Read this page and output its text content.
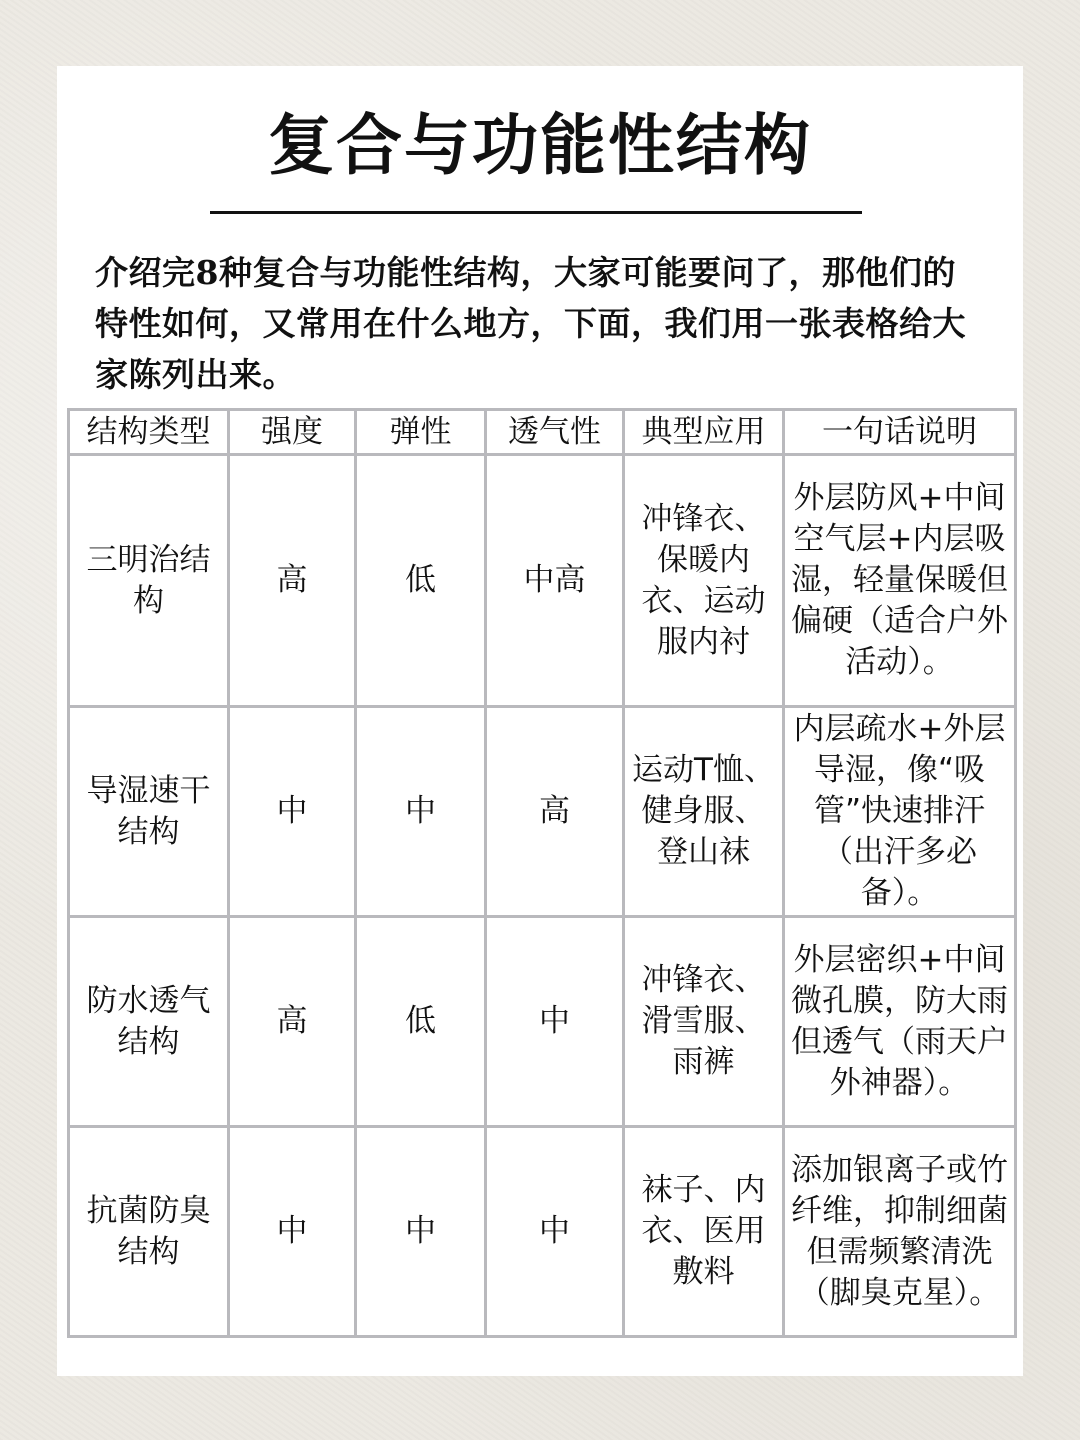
复合与功能性结构

介绍完8种复合与功能性结构，大家可能要问了，那他们的特性如何，又常用在什么地方，下面，我们用一张表格给大家陈列出来。

结构类型	强度	弹性	透气性	典型应用	一句话说明
三明治结构	高	低	中高	冲锋衣、保暖内衣、运动服内衬	外层防风+中间空气层+内层吸湿，轻量保暖但偏硬（适合户外活动）。
导湿速干结构	中	中	高	运动T恤、健身服、登山袜	内层疏水+外层导湿，像“吸管”快速排汗（出汗多必备）。
防水透气结构	高	低	中	冲锋衣、滑雪服、雨裤	外层密织+中间微孔膜，防大雨但透气（雨天户外神器）。
抗菌防臭结构	中	中	中	袜子、内衣、医用敷料	添加银离子或竹纤维，抑制细菌但需频繁清洗（脚臭克星）。
